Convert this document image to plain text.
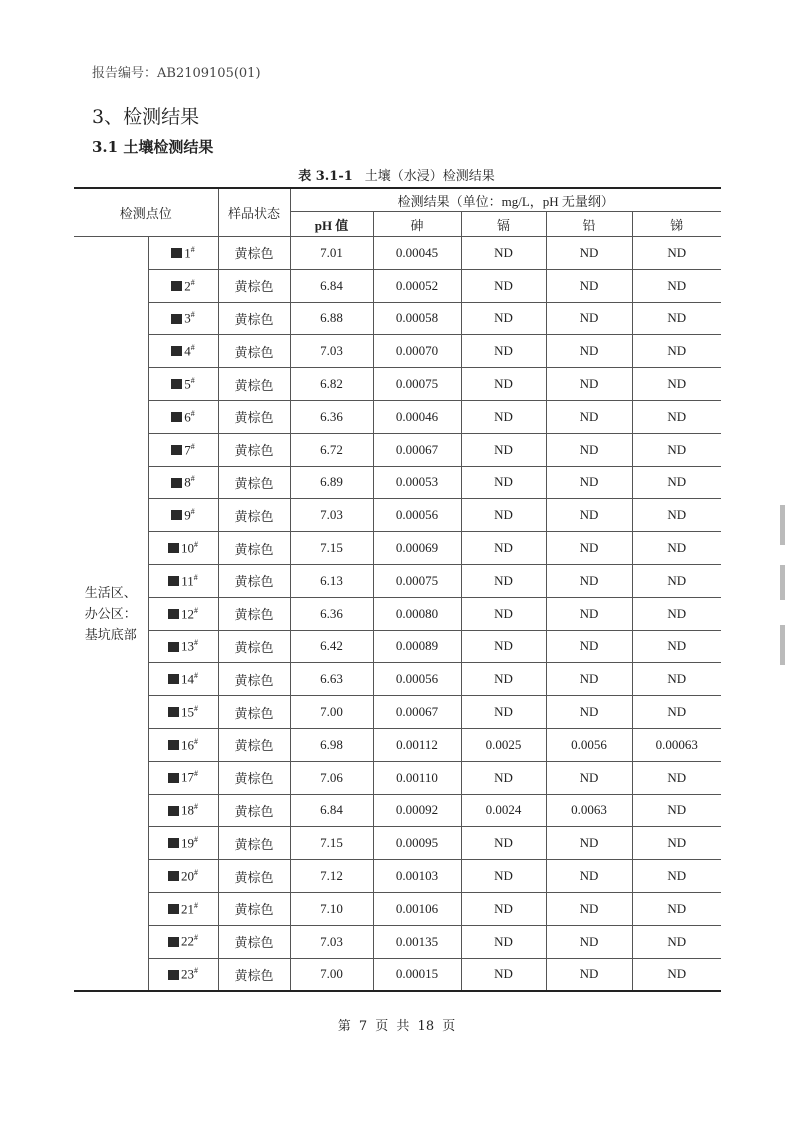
报告编号：AB2109105(01)
3、检测结果
3.1 土壤检测结果
表 3.1-1 土壤（水浸）检测结果
检测点位		样品状态	检测结果（单位：mg/L，pH 无量纲）				
			pH 值	砷	镉	铅	锑
生活区、
办公区：
基坑底部	1#	黄棕色	7.01	0.00045	ND	ND	ND
	2#	黄棕色	6.84	0.00052	ND	ND	ND
	3#	黄棕色	6.88	0.00058	ND	ND	ND
	4#	黄棕色	7.03	0.00070	ND	ND	ND
	5#	黄棕色	6.82	0.00075	ND	ND	ND
	6#	黄棕色	6.36	0.00046	ND	ND	ND
	7#	黄棕色	6.72	0.00067	ND	ND	ND
	8#	黄棕色	6.89	0.00053	ND	ND	ND
	9#	黄棕色	7.03	0.00056	ND	ND	ND
	10#	黄棕色	7.15	0.00069	ND	ND	ND
	11#	黄棕色	6.13	0.00075	ND	ND	ND
	12#	黄棕色	6.36	0.00080	ND	ND	ND
	13#	黄棕色	6.42	0.00089	ND	ND	ND
	14#	黄棕色	6.63	0.00056	ND	ND	ND
	15#	黄棕色	7.00	0.00067	ND	ND	ND
	16#	黄棕色	6.98	0.00112	0.0025	0.0056	0.00063
	17#	黄棕色	7.06	0.00110	ND	ND	ND
	18#	黄棕色	6.84	0.00092	0.0024	0.0063	ND
	19#	黄棕色	7.15	0.00095	ND	ND	ND
	20#	黄棕色	7.12	0.00103	ND	ND	ND
	21#	黄棕色	7.10	0.00106	ND	ND	ND
	22#	黄棕色	7.03	0.00135	ND	ND	ND
	23#	黄棕色	7.00	0.00015	ND	ND	ND
第 7 页 共 18 页
